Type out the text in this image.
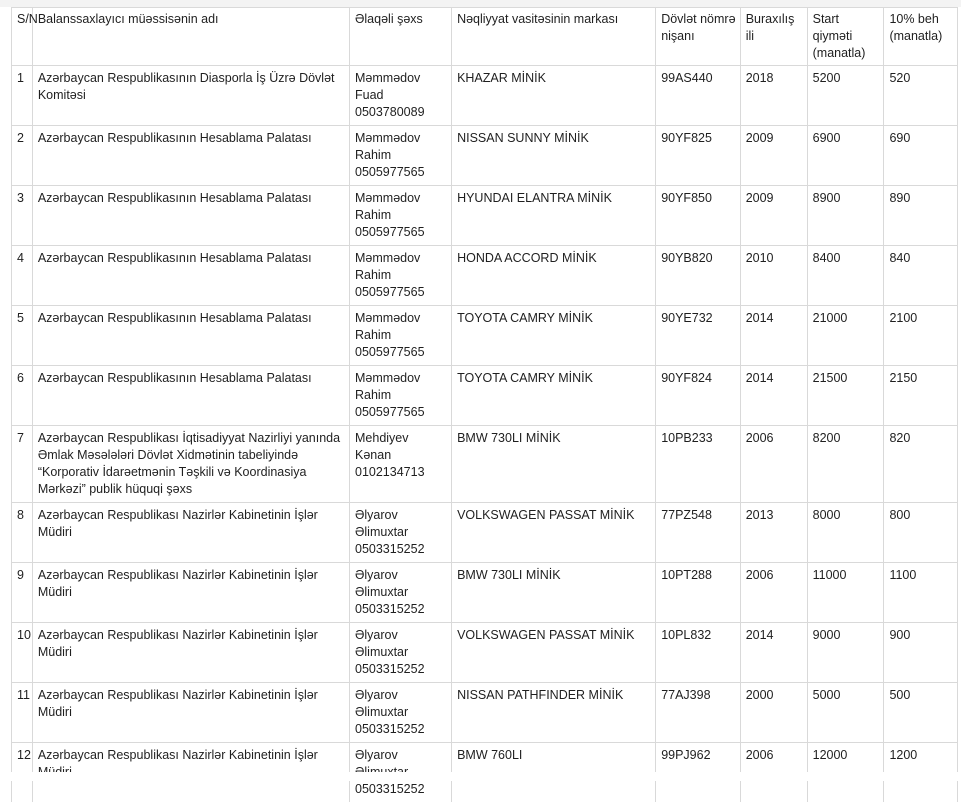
S/N	Balanssaxlayıcı müəssisənin adı	Əlaqəli şəxs	Nəqliyyat vasitəsinin markası	Dövlət nömrə nişanı	Buraxılış ili	Start qiyməti (manatla)	10% beh (manatla)
1	Azərbaycan Respublikasının Diasporla İş Üzrə Dövlət Komitəsi	Məmmədov Fuad 0503780089	KHAZAR MİNİK	99AS440	2018	5200	520
2	Azərbaycan Respublikasının Hesablama Palatası	Məmmədov Rahim 0505977565	NISSAN SUNNY MİNİK	90YF825	2009	6900	690
3	Azərbaycan Respublikasının Hesablama Palatası	Məmmədov Rahim 0505977565	HYUNDAI ELANTRA MİNİK	90YF850	2009	8900	890
4	Azərbaycan Respublikasının Hesablama Palatası	Məmmədov Rahim 0505977565	HONDA ACCORD MİNİK	90YB820	2010	8400	840
5	Azərbaycan Respublikasının Hesablama Palatası	Məmmədov Rahim 0505977565	TOYOTA CAMRY MİNİK	90YE732	2014	21000	2100
6	Azərbaycan Respublikasının Hesablama Palatası	Məmmədov Rahim 0505977565	TOYOTA CAMRY MİNİK	90YF824	2014	21500	2150
7	Azərbaycan Respublikası İqtisadiyyat Nazirliyi yanında Əmlak Məsələləri Dövlət Xidmətinin tabeliyində “Korporativ İdarəetmənin Təşkili və Koordinasiya Mərkəzi” publik hüquqi şəxs	Mehdiyev Kənan 0102134713	BMW 730LI MİNİK	10PB233	2006	8200	820
8	Azərbaycan Respublikası Nazirlər Kabinetinin İşlər Müdiri	Əlyarov Əlimuxtar 0503315252	VOLKSWAGEN PASSAT MİNİK	77PZ548	2013	8000	800
9	Azərbaycan Respublikası Nazirlər Kabinetinin İşlər Müdiri	Əlyarov Əlimuxtar 0503315252	BMW 730LI MİNİK	10PT288	2006	11000	1100
10	Azərbaycan Respublikası Nazirlər Kabinetinin İşlər Müdiri	Əlyarov Əlimuxtar 0503315252	VOLKSWAGEN PASSAT MİNİK	10PL832	2014	9000	900
11	Azərbaycan Respublikası Nazirlər Kabinetinin İşlər Müdiri	Əlyarov Əlimuxtar 0503315252	NISSAN PATHFINDER MİNİK	77AJ398	2000	5000	500
12	Azərbaycan Respublikası Nazirlər Kabinetinin İşlər	Əlyarov 0503315252	BMW 760LI	99PJ962	2006	12000	1200
